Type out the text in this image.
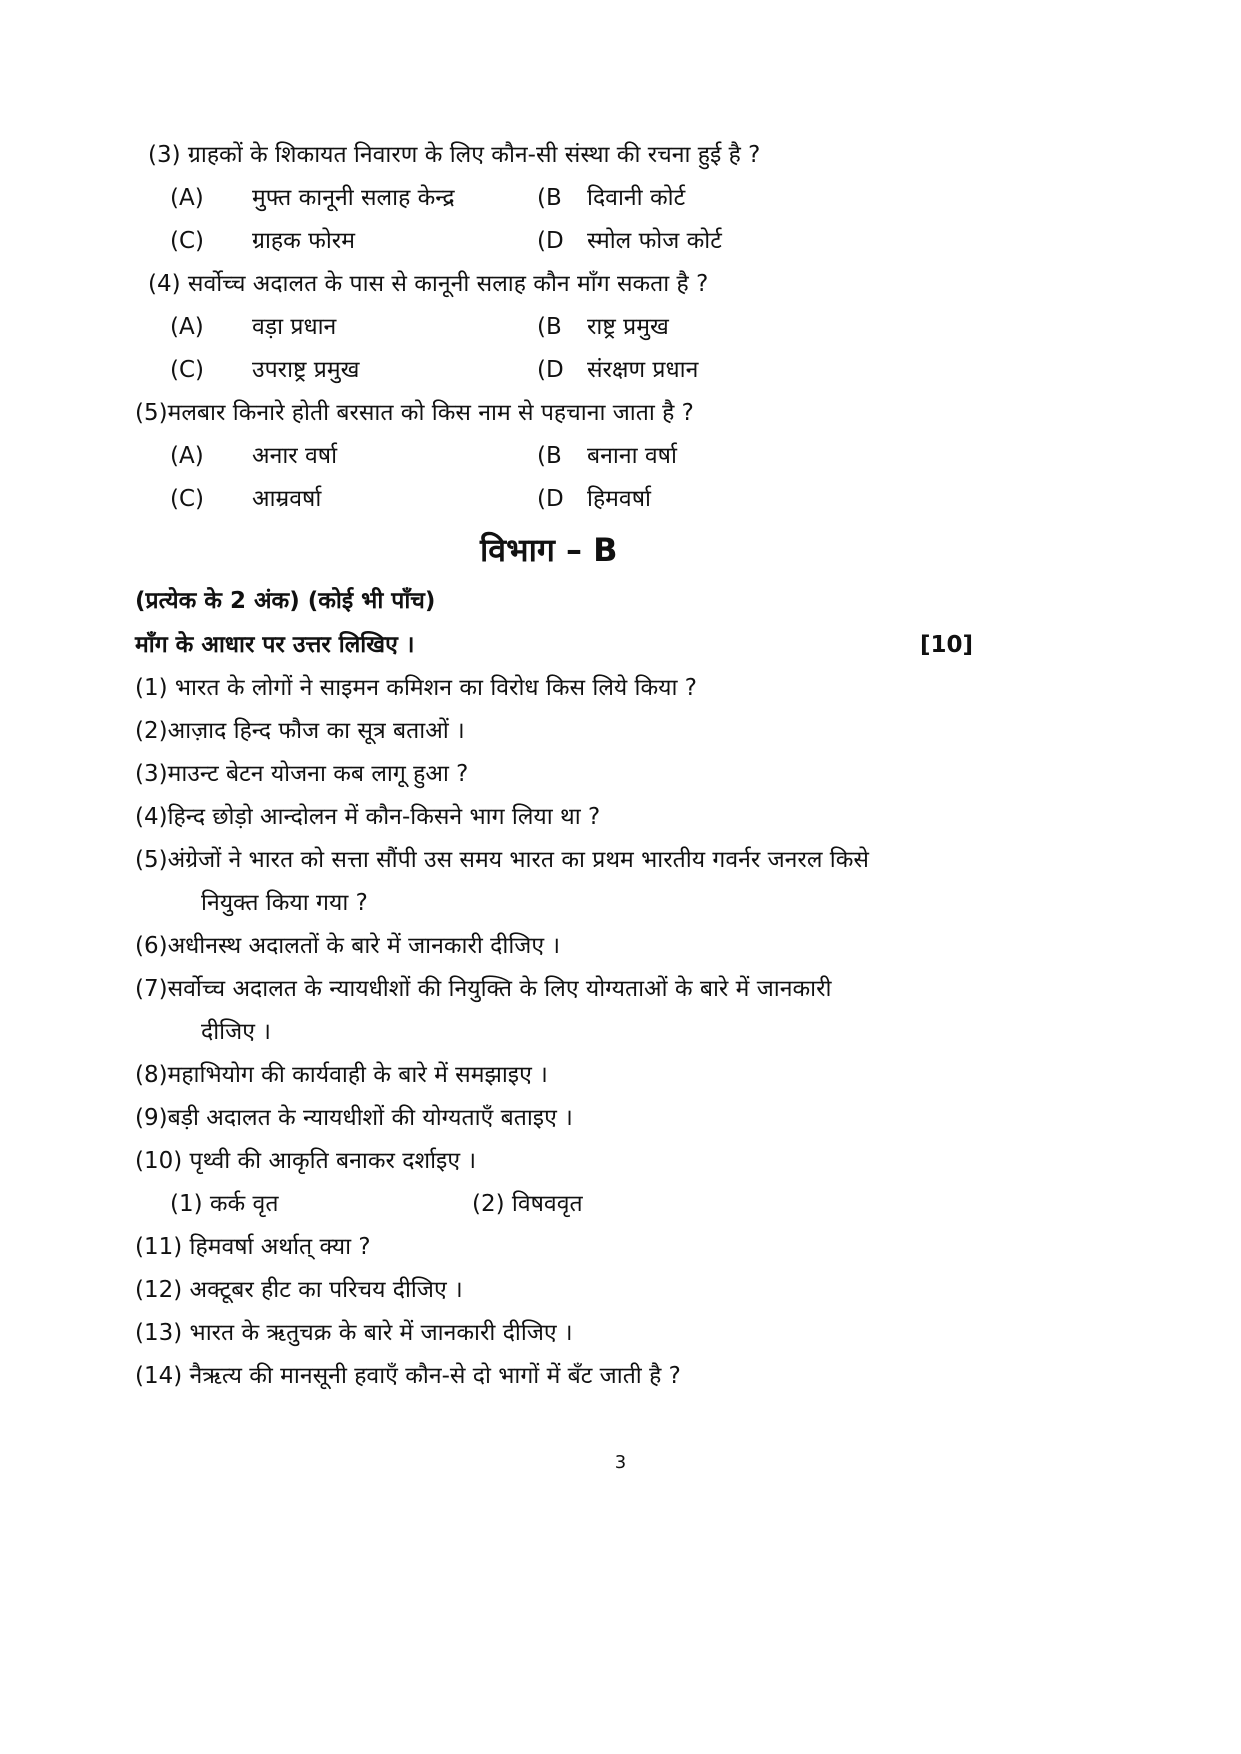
(3) ग्राहकों के शिकायत निवारण के लिए कौन-सी संस्था की रचना हुई है ?
(A) मुफ्त कानूनी सलाह केन्द्र	(B दिवानी कोर्ट
(C) ग्राहक फोरम	(D स्मोल फोज कोर्ट
(4) सर्वोच्च अदालत के पास से कानूनी सलाह कौन माँग सकता है ?
(A) वड़ा प्रधान	(B राष्ट्र प्रमुख
(C) उपराष्ट्र प्रमुख	(D संरक्षण प्रधान
(5)मलबार किनारे होती बरसात को किस नाम से पहचाना जाता है ?
(A) अनार वर्षा	(B बनाना वर्षा
(C) आम्रवर्षा	(D हिमवर्षा
विभाग – B
(प्रत्येक के 2 अंक) (कोई भी पाँच)
माँग के आधार पर उत्तर लिखिए ।	[10]
(1) भारत के लोगों ने साइमन कमिशन का विरोध किस लिये किया ?
(2)आज़ाद हिन्द फौज का सूत्र बताओं ।
(3)माउन्ट बेटन योजना कब लागू हुआ ?
(4)हिन्द छोड़ो आन्दोलन में कौन-किसने भाग लिया था ?
(5)अंग्रेजों ने भारत को सत्ता सौंपी उस समय भारत का प्रथम भारतीय गवर्नर जनरल किसे
नियुक्त किया गया ?
(6)अधीनस्थ अदालतों के बारे में जानकारी दीजिए ।
(7)सर्वोच्च अदालत के न्यायधीशों की नियुक्ति के लिए योग्यताओं के बारे में जानकारी
दीजिए ।
(8)महाभियोग की कार्यवाही के बारे में समझाइए ।
(9)बड़ी अदालत के न्यायधीशों की योग्यताएँ बताइए ।
(10) पृथ्वी की आकृति बनाकर दर्शाइए ।
(1) कर्क वृत	(2) विषववृत
(11) हिमवर्षा अर्थात् क्या ?
(12) अक्टूबर हीट का परिचय दीजिए ।
(13) भारत के ऋतुचक्र के बारे में जानकारी दीजिए ।
(14) नैऋत्य की मानसूनी हवाएँ कौन-से दो भागों में बँट जाती है ?
3
